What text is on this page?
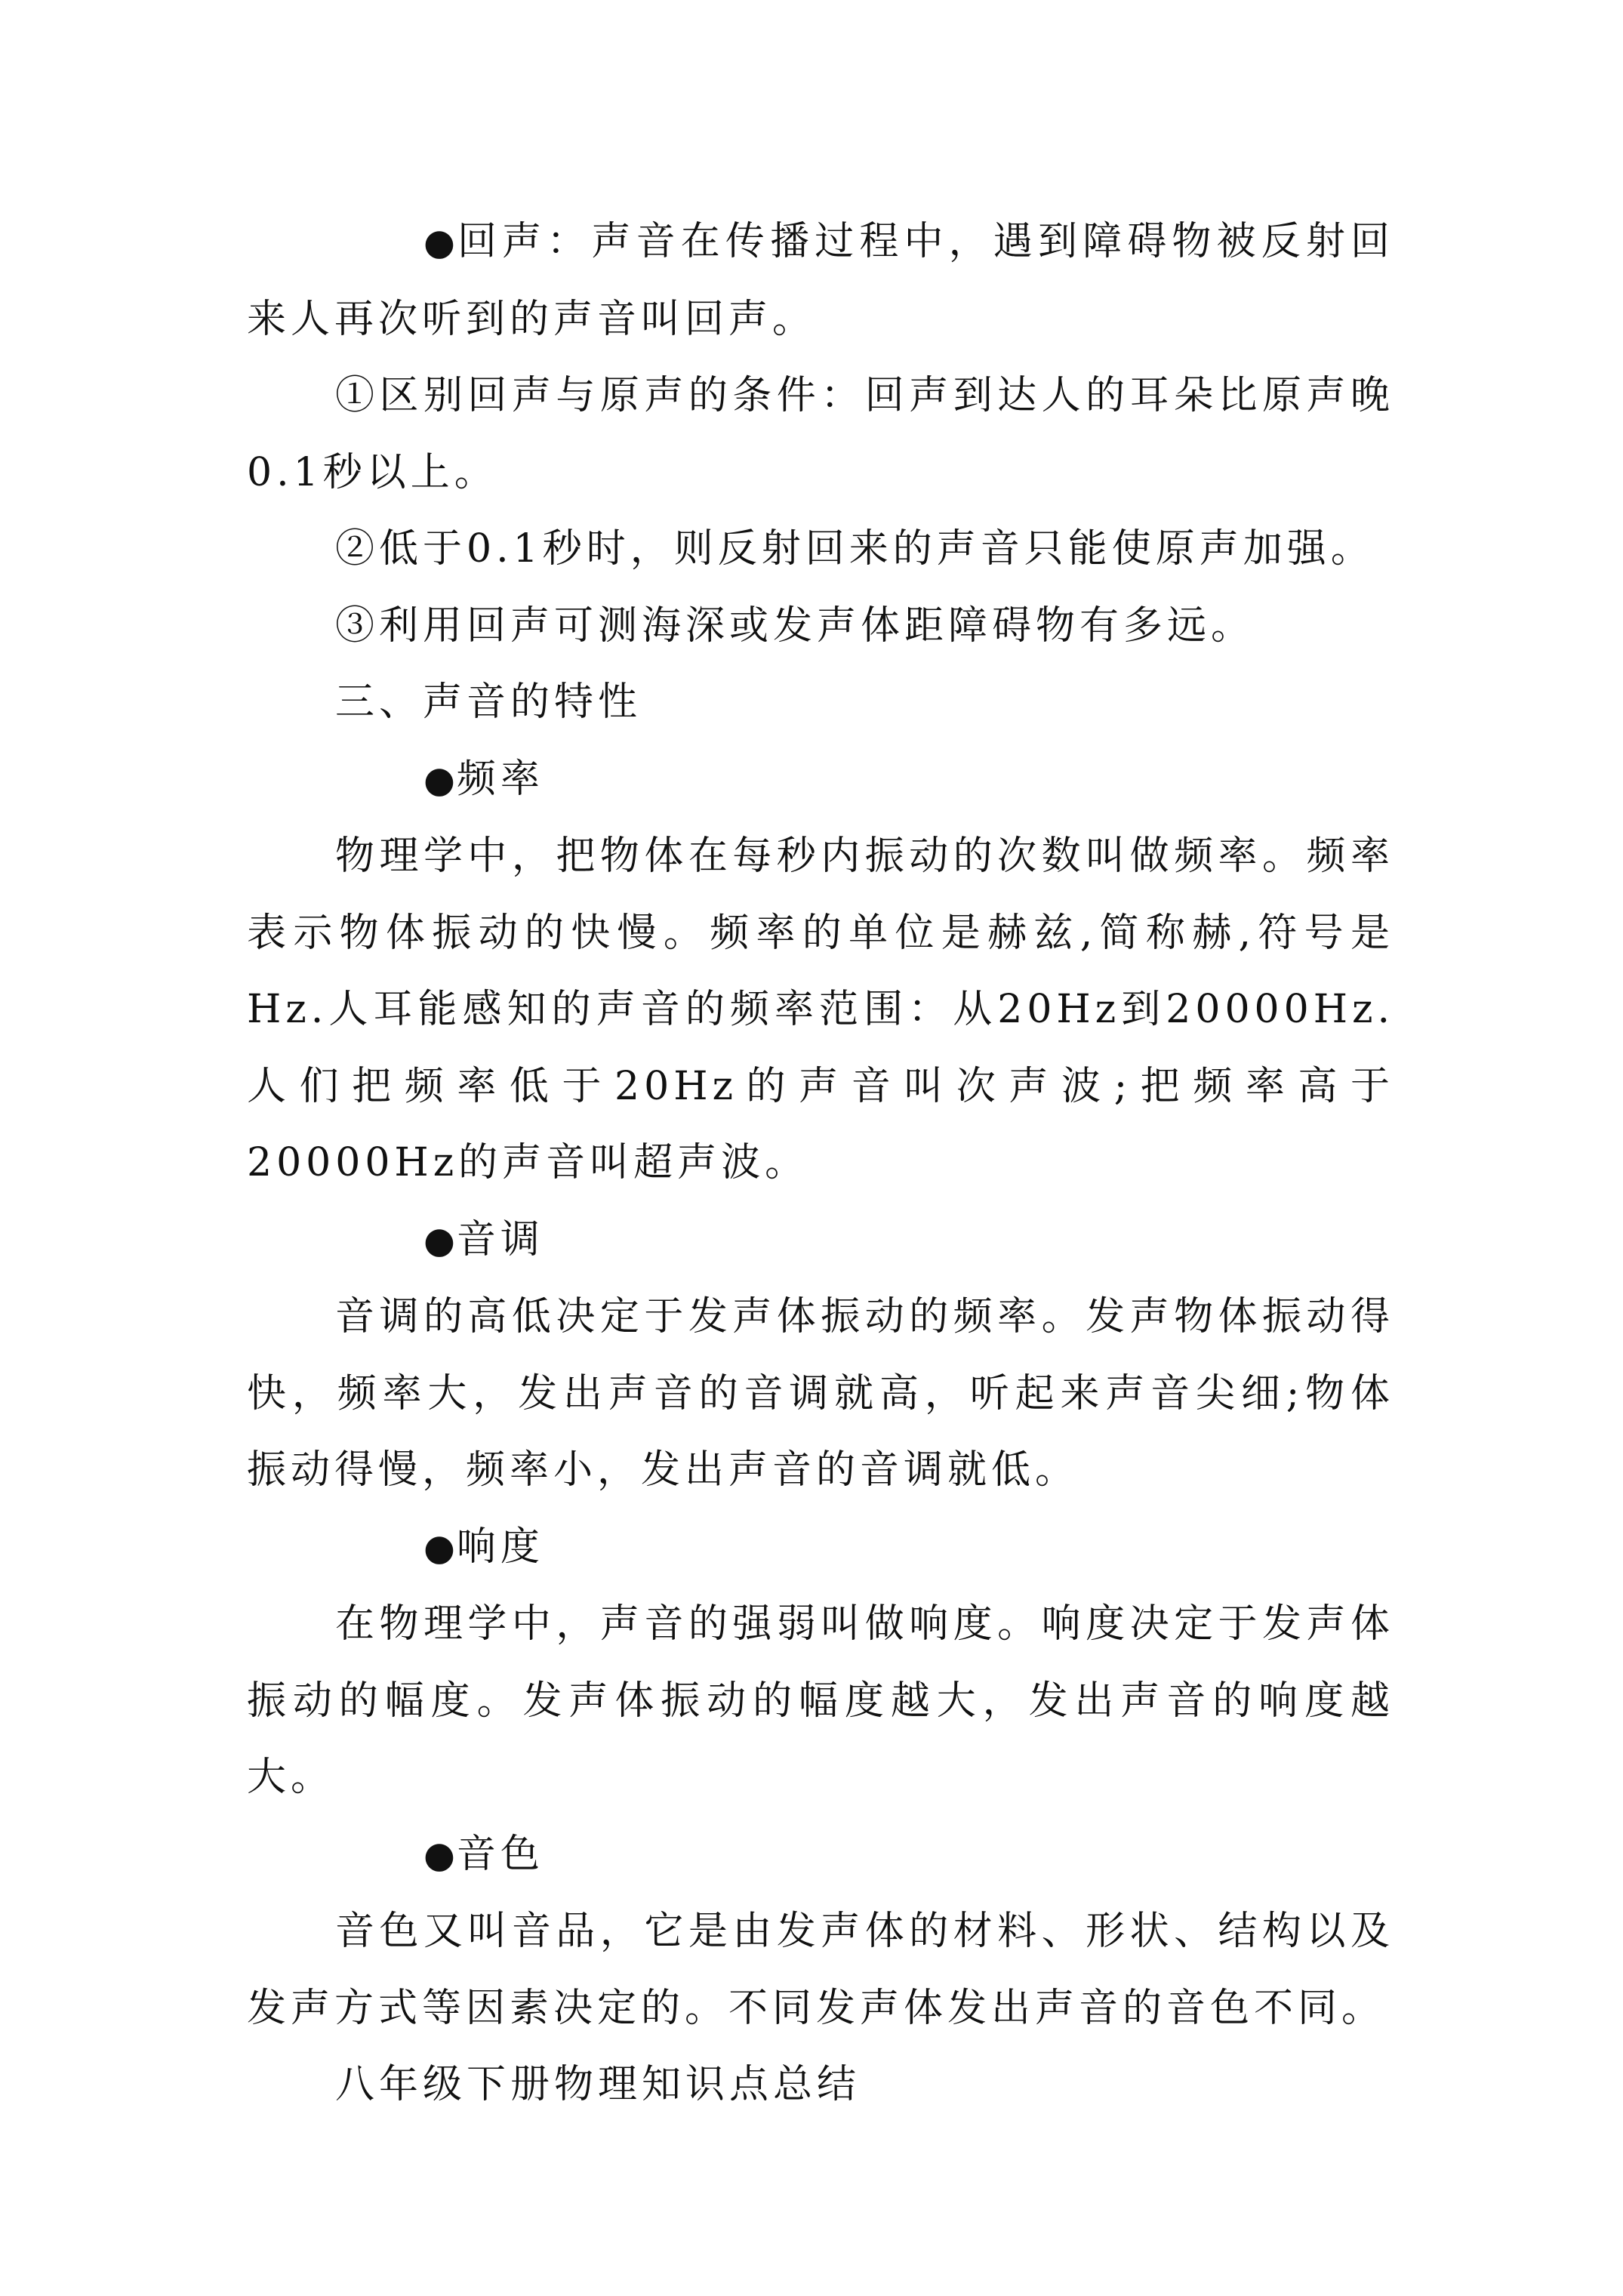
●回声：声音在传播过程中，遇到障碍物被反射回来人再次听到的声音叫回声。

①区别回声与原声的条件：回声到达人的耳朵比原声晚0.1秒以上。

②低于0.1秒时，则反射回来的声音只能使原声加强。

③利用回声可测海深或发声体距障碍物有多远。

三、声音的特性

●频率

物理学中，把物体在每秒内振动的次数叫做频率。频率表示物体振动的快慢。频率的单位是赫兹,简称赫,符号是Hz.人耳能感知的声音的频率范围：从20Hz到20000Hz.人们把频率低于20Hz的声音叫次声波;把频率高于20000Hz的声音叫超声波。

●音调

音调的高低决定于发声体振动的频率。发声物体振动得快，频率大，发出声音的音调就高，听起来声音尖细;物体振动得慢，频率小，发出声音的音调就低。

●响度

在物理学中，声音的强弱叫做响度。响度决定于发声体振动的幅度。发声体振动的幅度越大，发出声音的响度越大。

●音色

音色又叫音品，它是由发声体的材料、形状、结构以及发声方式等因素决定的。不同发声体发出声音的音色不同。

八年级下册物理知识点总结
